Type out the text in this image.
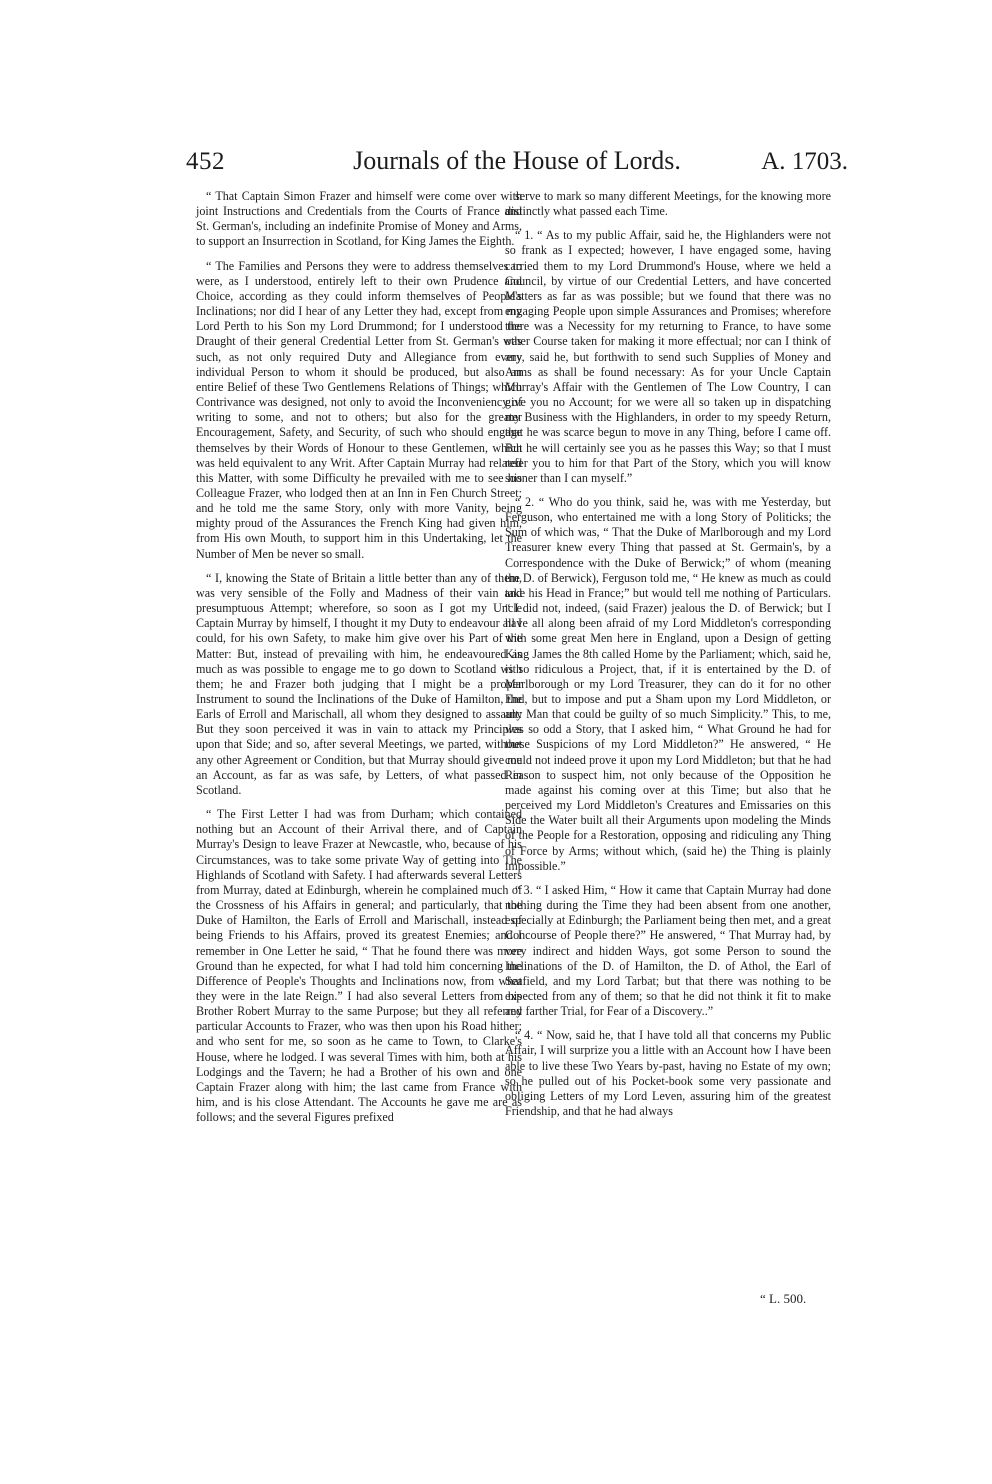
452	Journals of the House of Lords.	A. 1703.

“ That Captain Simon Frazer and himself were come over with joint Instructions and Credentials from the Courts of France and St. German's, including an indefinite Promise of Money and Arms, to support an Insurrection in Scotland, for King James the Eighth.

“ The Families and Persons they were to address themselves to were, as I understood, entirely left to their own Prudence and Choice, according as they could inform themselves of People's Inclinations; nor did I hear of any Letter they had, except from my Lord Perth to his Son my Lord Drummond; for I understood the Draught of their general Credential Letter from St. German's was such, as not only required Duty and Allegiance from every individual Person to whom it should be produced, but also an entire Belief of these Two Gentlemens Relations of Things; which Contrivance was designed, not only to avoid the Inconveniency of writing to some, and not to others; but also for the greater Encouragement, Safety, and Security, of such who should engage themselves by their Words of Honour to these Gentlemen, which was held equivalent to any Writ. After Captain Murray had related this Matter, with some Difficulty he prevailed with me to see his Colleague Frazer, who lodged then at an Inn in Fen Church Street; and he told me the same Story, only with more Vanity, being mighty proud of the Assurances the French King had given him, from His own Mouth, to support him in this Undertaking, let the Number of Men be never so small.

“ I, knowing the State of Britain a little better than any of them, was very sensible of the Folly and Madness of their vain and presumptuous Attempt; wherefore, so soon as I got my Uncle Captain Murray by himself, I thought it my Duty to endeavour all I could, for his own Safety, to make him give over his Part of the Matter: But, instead of prevailing with him, he endeavoured as much as was possible to engage me to go down to Scotland with them; he and Frazer both judging that I might be a proper Instrument to sound the Inclinations of the Duke of Hamilton, the Earls of Erroll and Marischall, all whom they designed to assault: But they soon perceived it was in vain to attack my Principles upon that Side; and so, after several Meetings, we parted, without any other Agreement or Condition, but that Murray should give me an Account, as far as was safe, by Letters, of what passed in Scotland.

“ The First Letter I had was from Durham; which contained nothing but an Account of their Arrival there, and of Captain Murray's Design to leave Frazer at Newcastle, who, because of his Circumstances, was to take some private Way of getting into The Highlands of Scotland with Safety. I had afterwards several Letters from Murray, dated at Edinburgh, wherein he complained much of the Crossness of his Affairs in general; and particularly, that the Duke of Hamilton, the Earls of Erroll and Marischall, instead of being Friends to his Affairs, proved its greatest Enemies; and I remember in One Letter he said, “ That he found there was more Ground than he expected, for what I had told him concerning the Difference of People's Thoughts and Inclinations now, from what they were in the late Reign.” I had also several Letters from his Brother Robert Murray to the same Purpose; but they all referred particular Accounts to Frazer, who was then upon his Road hither; and who sent for me, so soon as he came to Town, to Clarke's House, where he lodged. I was several Times with him, both at his Lodgings and the Tavern; he had a Brother of his own and one Captain Frazer along with him; the last came from France with him, and is his close Attendant. The Accounts he gave me are as follows; and the several Figures prefixed

serve to mark so many different Meetings, for the knowing more distinctly what passed each Time.

“ 1. “ As to my public Affair, said he, the Highlanders were not so frank as I expected; however, I have engaged some, having carried them to my Lord Drummond's House, where we held a Council, by virtue of our Credential Letters, and have concerted Matters as far as was possible; but we found that there was no engaging People upon simple Assurances and Promises; wherefore there was a Necessity for my returning to France, to have some other Course taken for making it more effectual; nor can I think of any, said he, but forthwith to send such Supplies of Money and Arms as shall be found necessary: As for your Uncle Captain Murray's Affair with the Gentlemen of The Low Country, I can give you no Account; for we were all so taken up in dispatching my Business with the Highlanders, in order to my speedy Return, that he was scarce begun to move in any Thing, before I came off. But he will certainly see you as he passes this Way; so that I must refer you to him for that Part of the Story, which you will know sooner than I can myself.”

“ 2. “ Who do you think, said he, was with me Yesterday, but Ferguson, who entertained me with a long Story of Politicks; the Sum of which was, “ That the Duke of Marlborough and my Lord Treasurer knew every Thing that passed at St. Germain's, by a Correspondence with the Duke of Berwick;” of whom (meaning the D. of Berwick), Ferguson told me, “ He knew as much as could take his Head in France;” but would tell me nothing of Particulars. “ I did not, indeed, (said Frazer) jealous the D. of Berwick; but I have all along been afraid of my Lord Middleton's corresponding with some great Men here in England, upon a Design of getting King James the 8th called Home by the Parliament; which, said he, is so ridiculous a Project, that, if it is entertained by the D. of Marlborough or my Lord Treasurer, they can do it for no other End, but to impose and put a Sham upon my Lord Middleton, or any Man that could be guilty of so much Simplicity.” This, to me, was so odd a Story, that I asked him, “ What Ground he had for these Suspicions of my Lord Middleton?” He answered, “ He could not indeed prove it upon my Lord Middleton; but that he had Reason to suspect him, not only because of the Opposition he made against his coming over at this Time; but also that he perceived my Lord Middleton's Creatures and Emissaries on this Side the Water built all their Arguments upon modeling the Minds of the People for a Restoration, opposing and ridiculing any Thing of Force by Arms; without which, (said he) the Thing is plainly impossible.”

“ 3. “ I asked Him, “ How it came that Captain Murray had done nothing during the Time they had been absent from one another, especially at Edinburgh; the Parliament being then met, and a great Concourse of People there?” He answered, “ That Murray had, by very indirect and hidden Ways, got some Person to sound the Inclinations of the D. of Hamilton, the D. of Athol, the Earl of Seafield, and my Lord Tarbat; but that there was nothing to be expected from any of them; so that he did not think it fit to make any farther Trial, for Fear of a Discovery..”

“ 4. “ Now, said he, that I have told all that concerns my Public Affair, I will surprize you a little with an Account how I have been able to live these Two Years by-past, having no Estate of my own; so he pulled out of his Pocket-book some very passionate and obliging Letters of my Lord Leven, assuring him of the greatest Friendship, and that he had always

“ L. 500.
